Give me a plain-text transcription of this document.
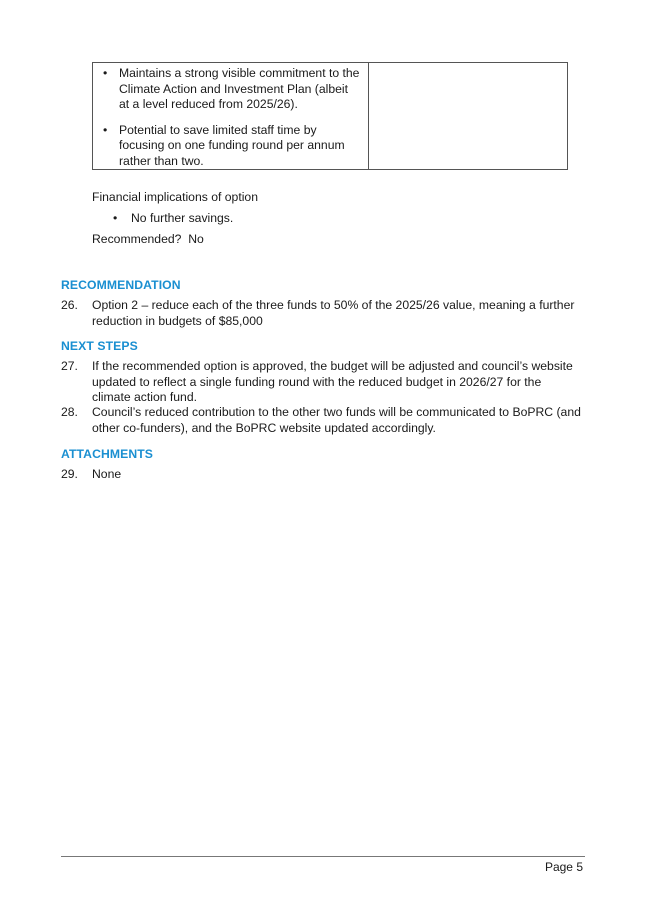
• Maintains a strong visible commitment to the Climate Action and Investment Plan (albeit at a level reduced from 2025/26).
• Potential to save limited staff time by focusing on one funding round per annum rather than two.
Financial implications of option
•	No further savings.
Recommended?  No
RECOMMENDATION
26.	Option 2 – reduce each of the three funds to 50% of the 2025/26 value, meaning a further reduction in budgets of $85,000
NEXT STEPS
27.	If the recommended option is approved, the budget will be adjusted and council’s website updated to reflect a single funding round with the reduced budget in 2026/27 for the climate action fund.
28.	Council’s reduced contribution to the other two funds will be communicated to BoPRC (and other co-funders), and the BoPRC website updated accordingly.
ATTACHMENTS
29.	None
Page 5
